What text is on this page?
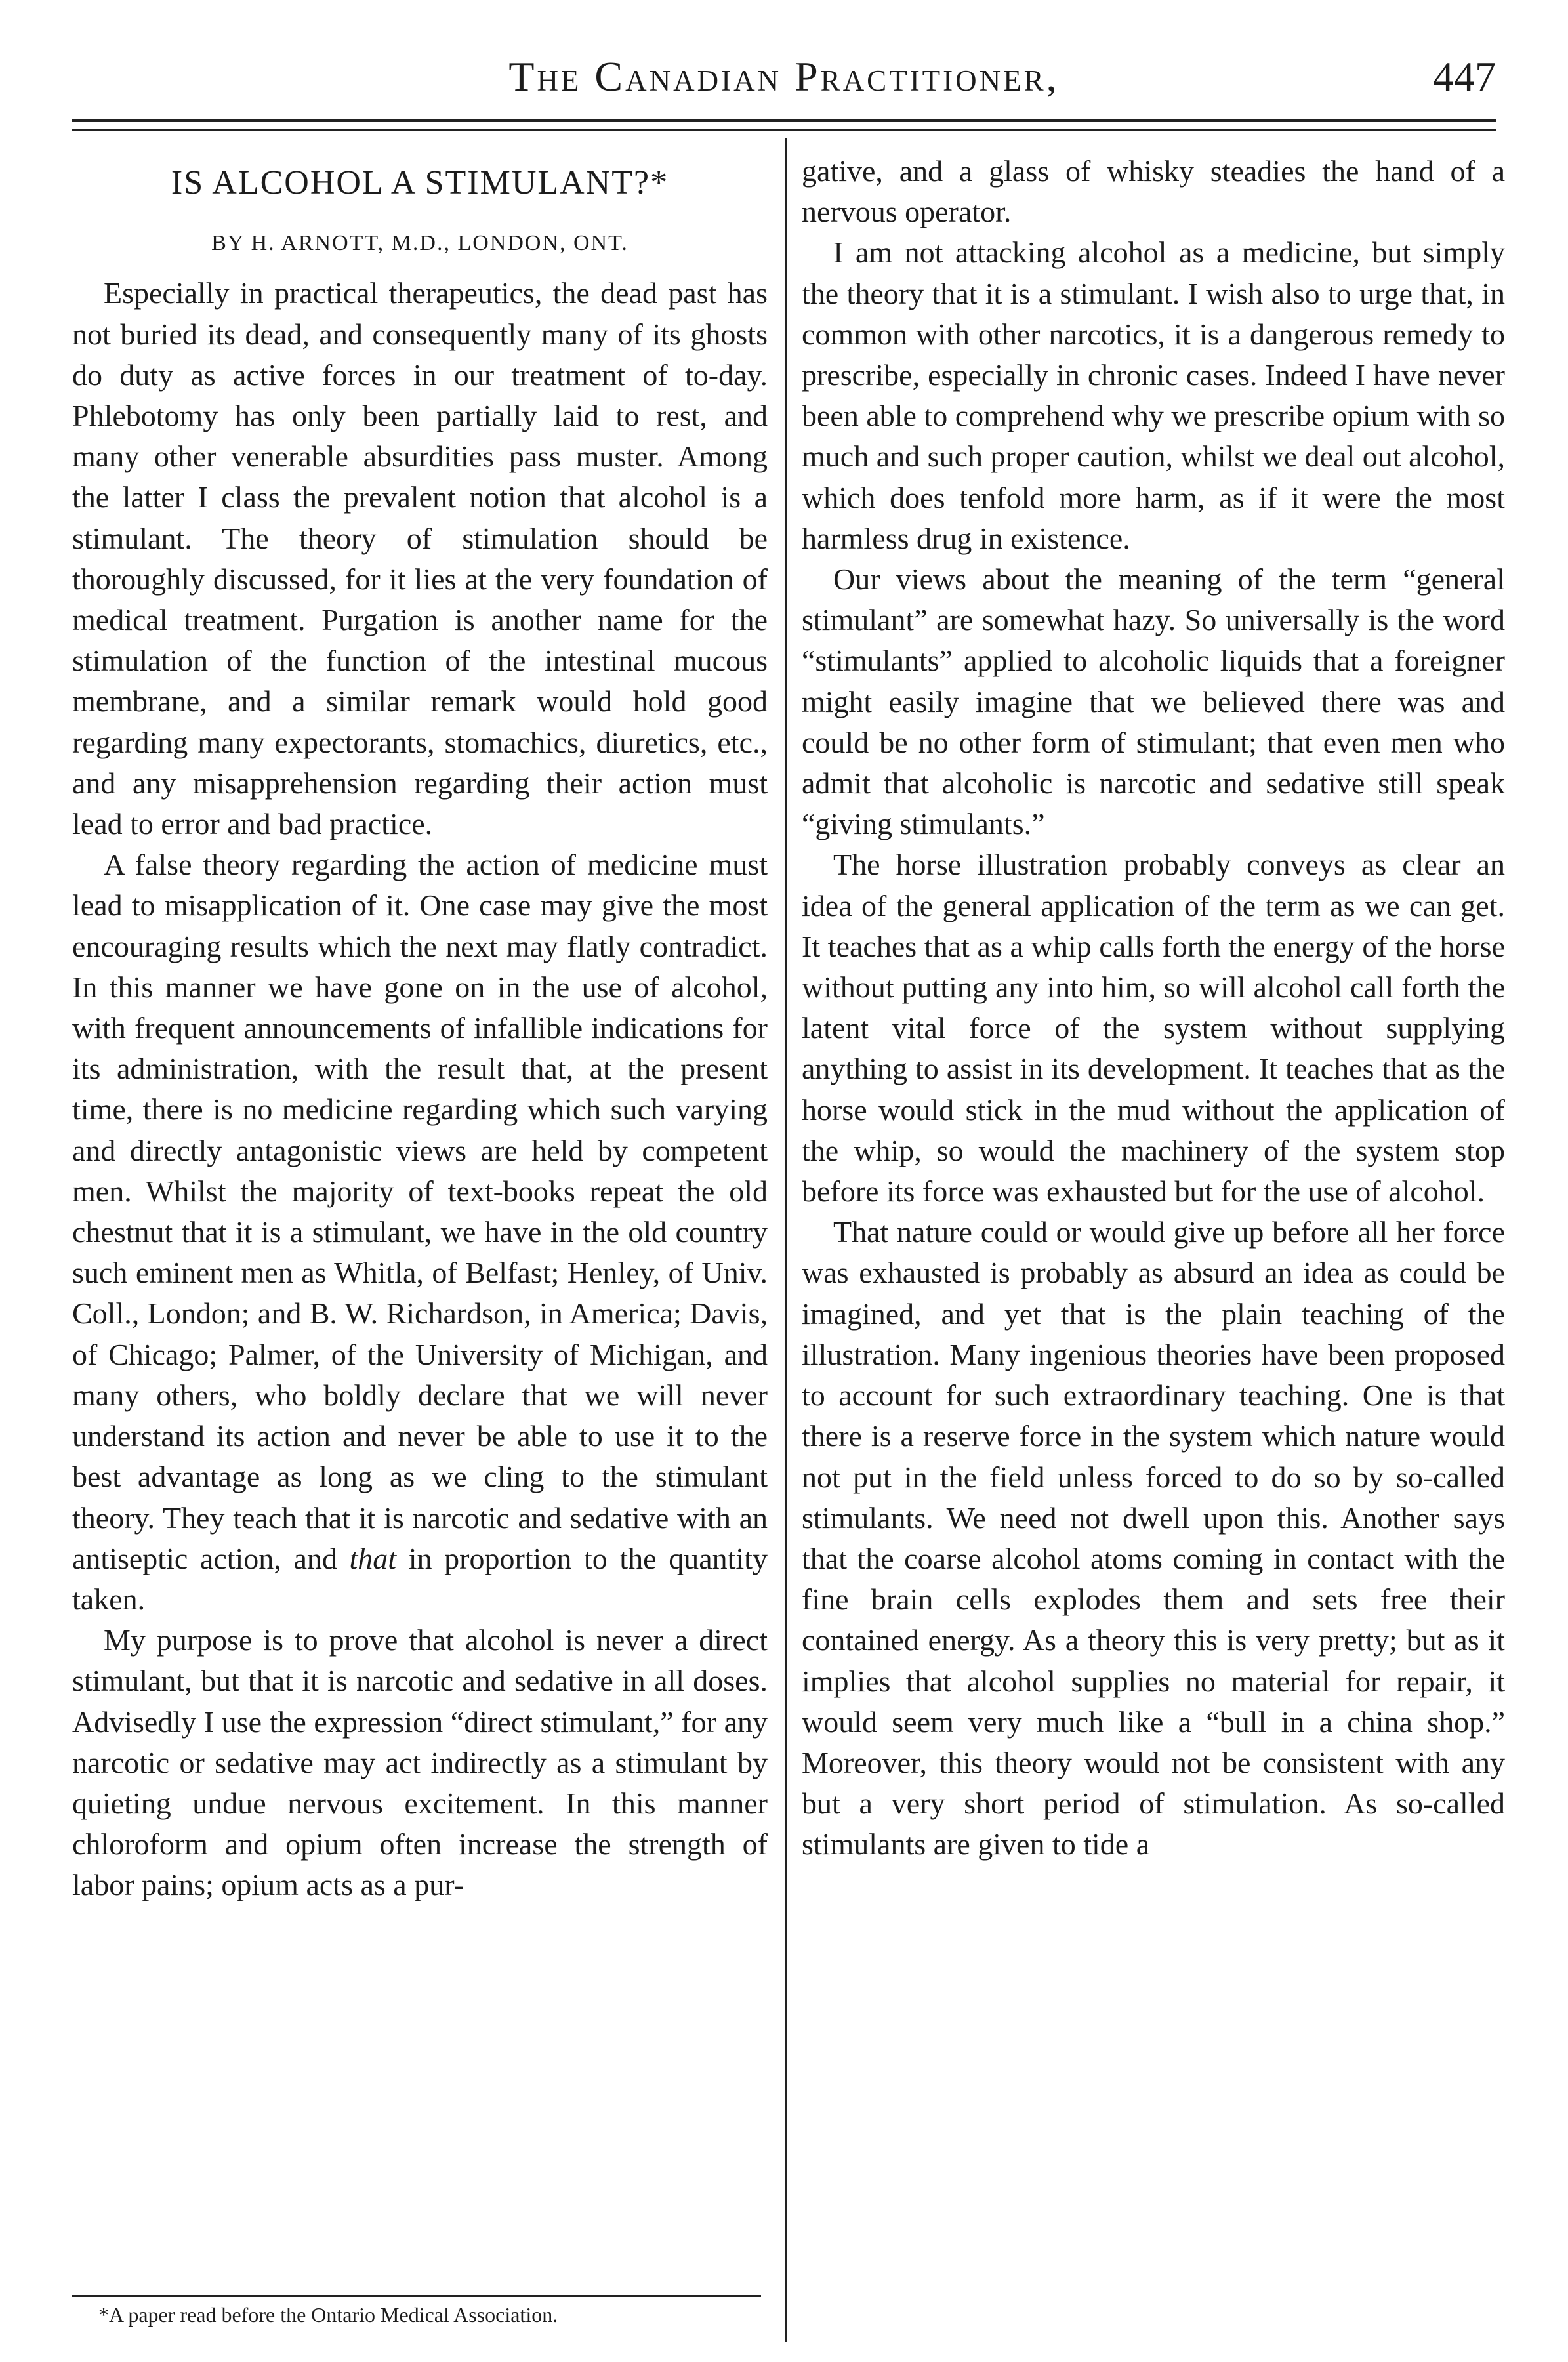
The Canadian Practitioner,	447
IS ALCOHOL A STIMULANT?*
BY H. ARNOTT, M.D., LONDON, ONT.

Especially in practical therapeutics, the dead past has not buried its dead, and consequently many of its ghosts do duty as active forces in our treatment of to-day. Phlebotomy has only been partially laid to rest, and many other venerable absurdities pass muster. Among the latter I class the prevalent notion that alcohol is a stimulant. The theory of stimulation should be thoroughly discussed, for it lies at the very foundation of medical treatment. Purgation is another name for the stimulation of the function of the intestinal mucous membrane, and a similar remark would hold good regarding many expectorants, stomachics, diuretics, etc., and any misapprehension regarding their action must lead to error and bad practice.

A false theory regarding the action of medicine must lead to misapplication of it. One case may give the most encouraging results which the next may flatly contradict. In this manner we have gone on in the use of alcohol, with frequent announcements of infallible indications for its administration, with the result that, at the present time, there is no medicine regarding which such varying and directly antagonistic views are held by competent men. Whilst the majority of text-books repeat the old chestnut that it is a stimulant, we have in the old country such eminent men as Whitla, of Belfast; Henley, of Univ. Coll., London; and B. W. Richardson, in America; Davis, of Chicago; Palmer, of the University of Michigan, and many others, who boldly declare that we will never understand its action and never be able to use it to the best advantage as long as we cling to the stimulant theory. They teach that it is narcotic and sedative with an antiseptic action, and that in proportion to the quantity taken.

My purpose is to prove that alcohol is never a direct stimulant, but that it is narcotic and sedative in all doses. Advisedly I use the expression “direct stimulant,” for any narcotic or sedative may act indirectly as a stimulant by quieting undue nervous excitement. In this manner chloroform and opium often increase the strength of labor pains; opium acts as a pur-

gative, and a glass of whisky steadies the hand of a nervous operator.

I am not attacking alcohol as a medicine, but simply the theory that it is a stimulant. I wish also to urge that, in common with other narcotics, it is a dangerous remedy to prescribe, especially in chronic cases. Indeed I have never been able to comprehend why we prescribe opium with so much and such proper caution, whilst we deal out alcohol, which does tenfold more harm, as if it were the most harmless drug in existence.

Our views about the meaning of the term “general stimulant” are somewhat hazy. So universally is the word “stimulants” applied to alcoholic liquids that a foreigner might easily imagine that we believed there was and could be no other form of stimulant; that even men who admit that alcoholic is narcotic and sedative still speak “giving stimulants.”

The horse illustration probably conveys as clear an idea of the general application of the term as we can get. It teaches that as a whip calls forth the energy of the horse without putting any into him, so will alcohol call forth the latent vital force of the system without supplying anything to assist in its development. It teaches that as the horse would stick in the mud without the application of the whip, so would the machinery of the system stop before its force was exhausted but for the use of alcohol.

That nature could or would give up before all her force was exhausted is probably as absurd an idea as could be imagined, and yet that is the plain teaching of the illustration. Many ingenious theories have been proposed to account for such extraordinary teaching. One is that there is a reserve force in the system which nature would not put in the field unless forced to do so by so-called stimulants. We need not dwell upon this. Another says that the coarse alcohol atoms coming in contact with the fine brain cells explodes them and sets free their contained energy. As a theory this is very pretty; but as it implies that alcohol supplies no material for repair, it would seem very much like a “bull in a china shop.” Moreover, this theory would not be consistent with any but a very short period of stimulation. As so-called stimulants are given to tide a

*A paper read before the Ontario Medical Association.
